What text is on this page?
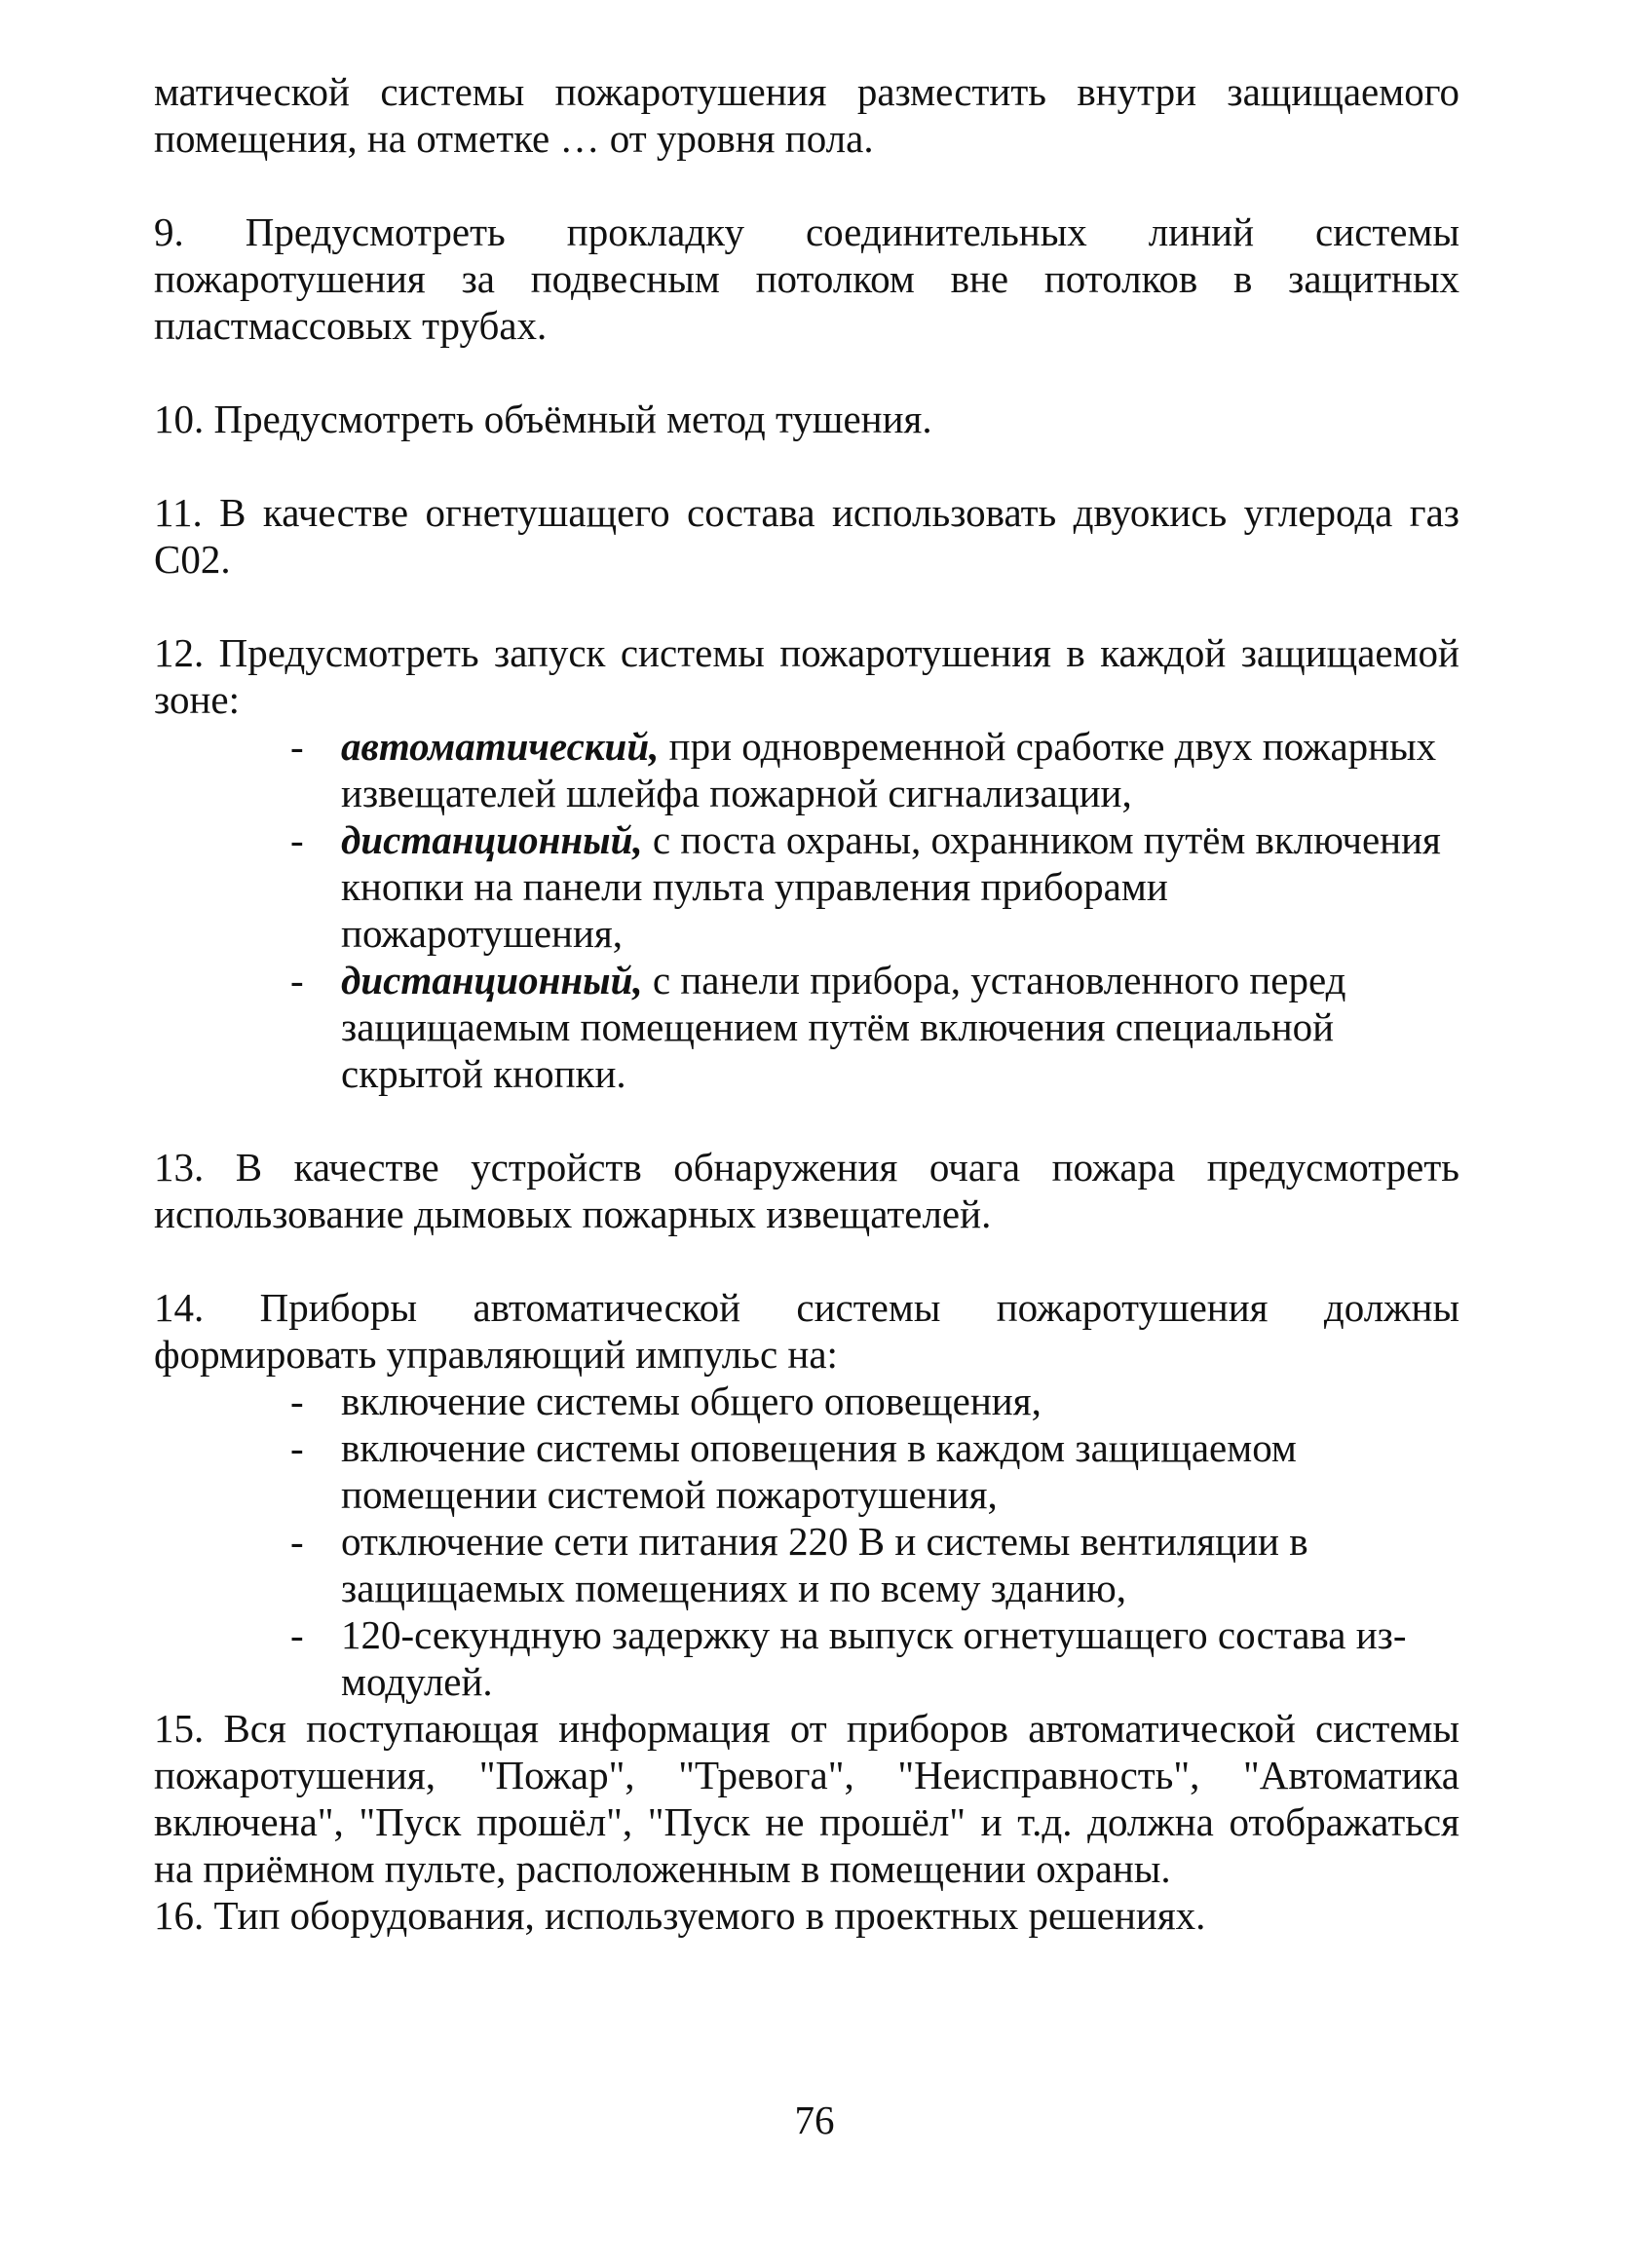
матической системы пожаротушения разместить внутри защищаемого помещения, на отметке … от уровня пола.

9. Предусмотреть прокладку соединительных линий системы пожаротушения за подвесным потолком вне потолков в защитных пластмассовых трубах.

10. Предусмотреть объёмный метод тушения.

11. В качестве огнетушащего состава использовать двуокись углерода газ С02.

12. Предусмотреть запуск системы пожаротушения в каждой защищаемой зоне:

- автоматический, при одновременной сработке двух пожарных извещателей шлейфа пожарной сигнализации,
- дистанционный, с поста охраны, охранником путём включения кнопки на панели пульта управления приборами пожаротушения,
- дистанционный, с панели прибора, установленного перед защищаемым помещением путём включения специальной скрытой кнопки.

13. В качестве устройств обнаружения очага пожара предусмотреть использование дымовых пожарных извещателей.

14. Приборы автоматической системы пожаротушения должны формировать управляющий импульс на:

- включение системы общего оповещения,
- включение системы оповещения в каждом защищаемом помещении системой пожаротушения,
- отключение сети питания 220 В и системы вентиляции в защищаемых помещениях и по всему зданию,
- 120-секундную задержку на выпуск огнетушащего состава из-модулей.

15. Вся поступающая информация от приборов автоматической системы пожаротушения, "Пожар", "Тревога", "Неисправность", "Автоматика включена", "Пуск прошёл", "Пуск не прошёл" и т.д. должна отображаться на приёмном пульте, расположенным в помещении охраны.

16. Тип оборудования, используемого в проектных решениях.

76
